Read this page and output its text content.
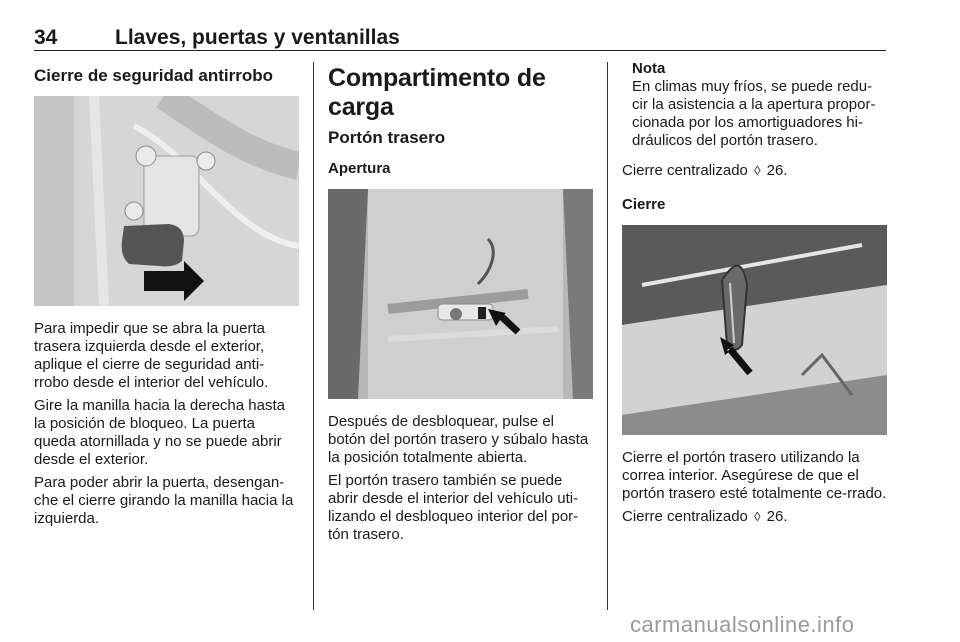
34	Llaves, puertas y ventanillas
Cierre de seguridad antirrobo

Para impedir que se abra la puerta trasera izquierda desde el exterior, aplique el cierre de seguridad anti-rrobo desde el interior del vehículo.

Gire la manilla hacia la derecha hasta la posición de bloqueo. La puerta queda atornillada y no se puede abrir desde el exterior.

Para poder abrir la puerta, desengan-che el cierre girando la manilla hacia la izquierda.

Compartimento de carga
Portón trasero
Apertura

Después de desbloquear, pulse el botón del portón trasero y súbalo hasta la posición totalmente abierta.

El portón trasero también se puede abrir desde el interior del vehículo uti-lizando el desbloqueo interior del por-tón trasero.

Nota

En climas muy fríos, se puede redu-cir la asistencia a la apertura propor-cionada por los amortiguadores hi-dráulicos del portón trasero.

Cierre centralizado ◊ 26.

Cierre

Cierre el portón trasero utilizando la correa interior. Asegúrese de que el portón trasero esté totalmente ce-rrado.

Cierre centralizado ◊ 26.

carmanualsonline.info
